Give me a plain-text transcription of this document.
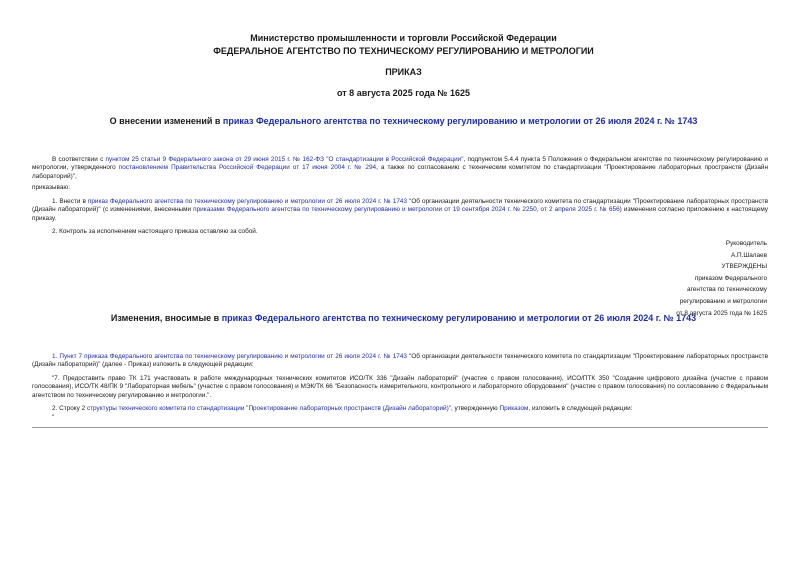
Министерство промышленности и торговли Российской Федерации
ФЕДЕРАЛЬНОЕ АГЕНТСТВО ПО ТЕХНИЧЕСКОМУ РЕГУЛИРОВАНИЮ И МЕТРОЛОГИИ
ПРИКАЗ
от 8 августа 2025 года № 1625
О внесении изменений в приказ Федерального агентства по техническому регулированию и метрологии от 26 июля 2024 г. № 1743
В соответствии с пунктом 25 статьи 9 Федерального закона от 29 июня 2015 г. № 162-ФЗ "О стандартизации в Российской Федерации", подпунктом 5.4.4 пункта 5 Положения о Федеральном агентстве по техническому регулированию и метрологии, утвержденного постановлением Правительства Российской Федерации от 17 июня 2004 г. № 294, а также по согласованию с техническим комитетом по стандартизации "Проектирование лабораторных пространств (Дизайн лабораторий)",
приказываю:
1. Внести в приказ Федерального агентства по техническому регулированию и метрологии от 26 июля 2024 г. № 1743 "Об организации деятельности технического комитета по стандартизации "Проектирование лабораторных пространств (Дизайн лабораторий)" (с изменениями, внесенными приказами Федерального агентства по техническому регулированию и метрологии от 19 сентября 2024 г. № 2250, от 2 апреля 2025 г. № 656) изменения согласно приложению к настоящему приказу.
2. Контроль за исполнением настоящего приказа оставляю за собой.
Руководитель
А.П.Шалаев
УТВЕРЖДЕНЫ
приказом Федерального
агентства по техническому
регулированию и метрологии
от 8 августа 2025 года № 1625
Изменения, вносимые в приказ Федерального агентства по техническому регулированию и метрологии от 26 июля 2024 г. № 1743
1. Пункт 7 приказа Федерального агентства по техническому регулированию и метрологии от 26 июля 2024 г. № 1743 "Об организации деятельности технического комитета по стандартизации "Проектирование лабораторных пространств (Дизайн лабораторий)" (далее - Приказ) изложить в следующей редакции:
"7. Предоставить право ТК 171 участвовать в работе международных технических комитетов ИСО/ТК 336 "Дизайн лабораторий" (участие с правом голосования), ИСО/ПТК 350 "Создание цифрового дизайна (участие с правом голосования), ИСО/ТК 48/ПК 9 "Лабораторная мебель" (участие с правом голосования) и МЭК/ТК 66 "Безопасность измерительного, контрольного и лабораторного оборудования" (участие с правом голосования) по согласованию с Федеральным агентством по техническому регулированию и метрологии.".
2. Строку 2 структуры технического комитета по стандартизации "Проектирование лабораторных пространств (Дизайн лабораторий)", утвержденную Приказом, изложить в следующей редакции:
"
